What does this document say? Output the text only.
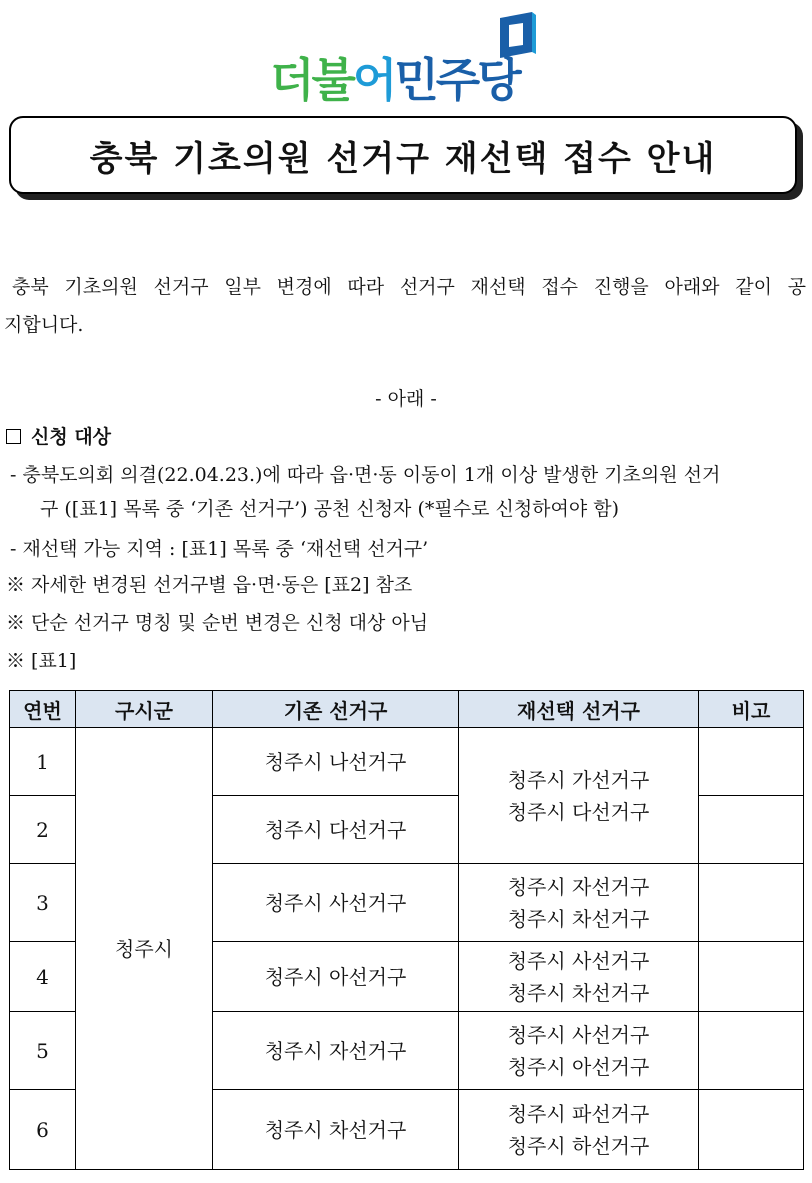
더불어민주당
충북 기초의원 선거구 재선택 접수 안내
충북 기초의원 선거구 일부 변경에 따라 선거구 재선택 접수 진행을 아래와 같이 공
지합니다.
- 아래 -
신청 대상
- 충북도의회 의결(22.04.23.)에 따라 읍·면·동 이동이 1개 이상 발생한 기초의원 선거
구 ([표1] 목록 중 ‘기존 선거구’) 공천 신청자 (*필수로 신청하여야 함)
- 재선택 가능 지역 : [표1] 목록 중 ‘재선택 선거구’
※ 자세한 변경된 선거구별 읍·면·동은 [표2] 참조
※ 단순 선거구 명칭 및 순번 변경은 신청 대상 아님
※ [표1]
연번	구시군	기존 선거구	재선택 선거구	비고
1	청주시	청주시 나선거구	청주시 가선거구
청주시 다선거구	

2		청주시 다선거구		
3		청주시 사선거구	청주시 자선거구
청주시 차선거구	

4		청주시 아선거구	청주시 사선거구
청주시 차선거구	

5		청주시 자선거구	청주시 사선거구
청주시 아선거구	

6		청주시 차선거구	청주시 파선거구
청주시 하선거구	
